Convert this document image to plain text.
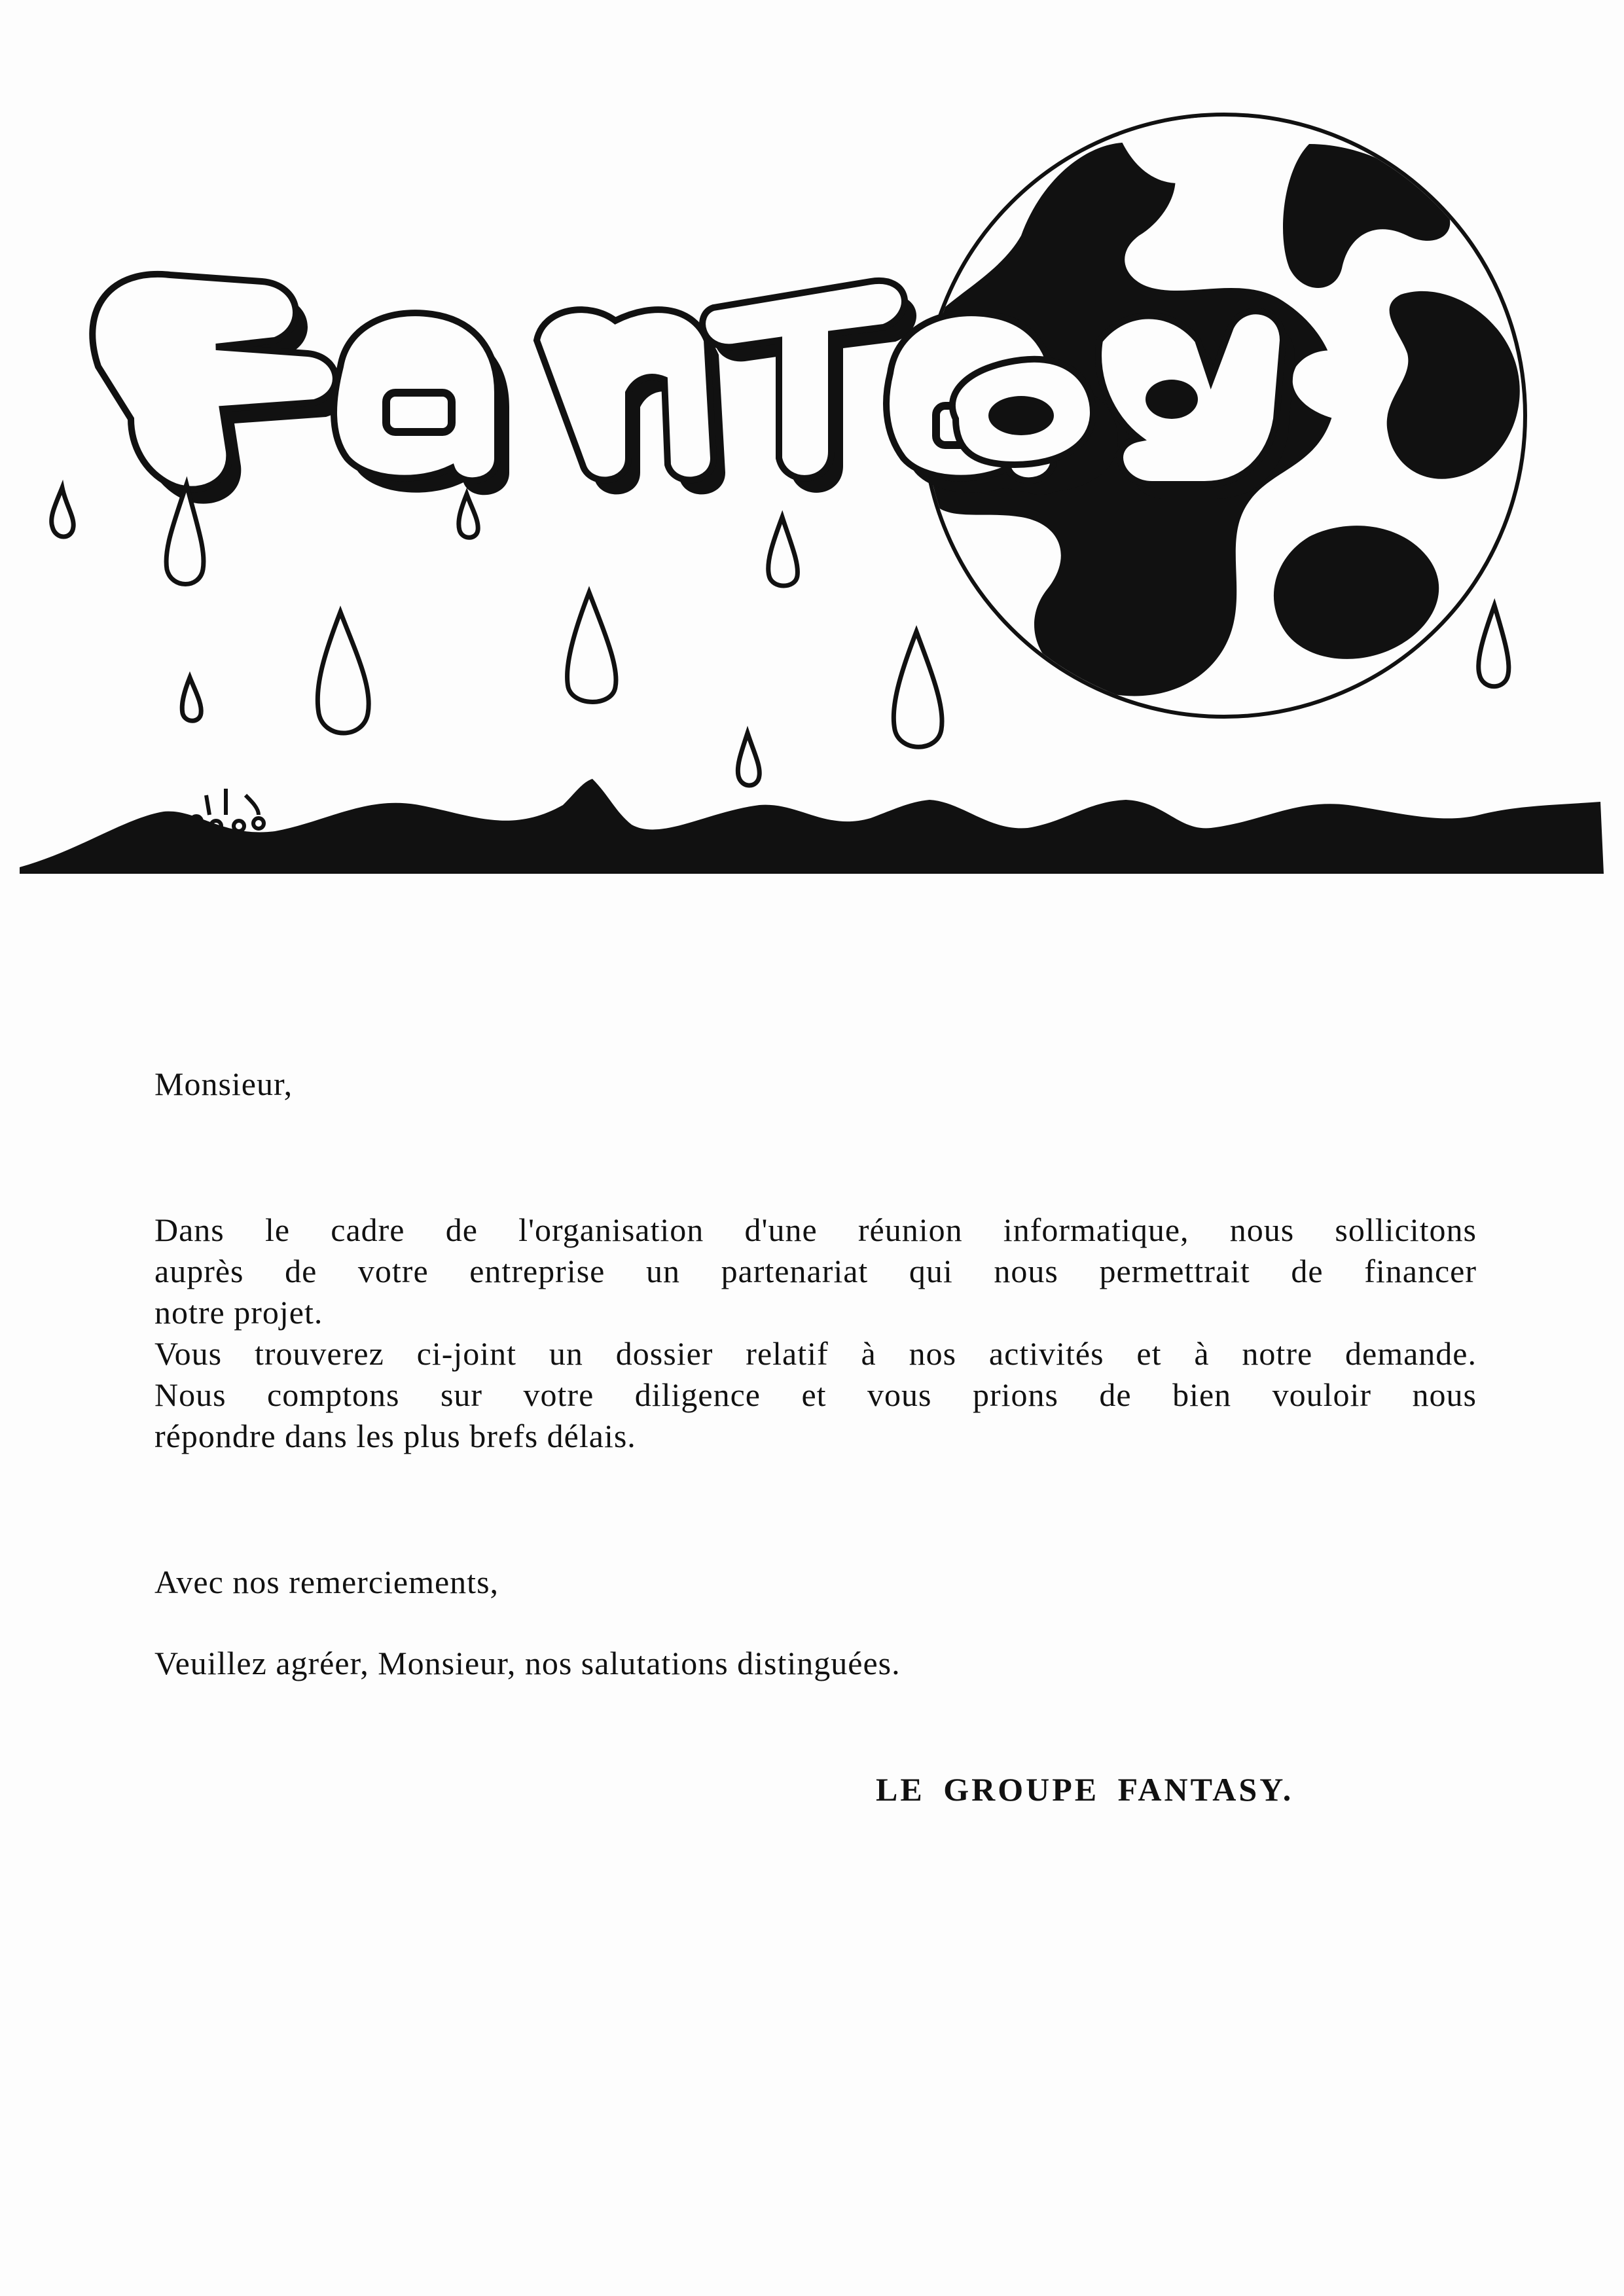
Monsieur,

Dans le cadre de l'organisation d'une réunion informatique, nous sollicitons
auprès de votre entreprise un partenariat qui nous permettrait de financer
notre projet.
Vous trouverez ci-joint un dossier relatif à nos activités et à notre demande.
Nous comptons sur votre diligence et vous prions de bien vouloir nous
répondre dans les plus brefs délais.

Avec nos remerciements,

Veuillez agréer, Monsieur, nos salutations distinguées.

LE GROUPE FANTASY.
